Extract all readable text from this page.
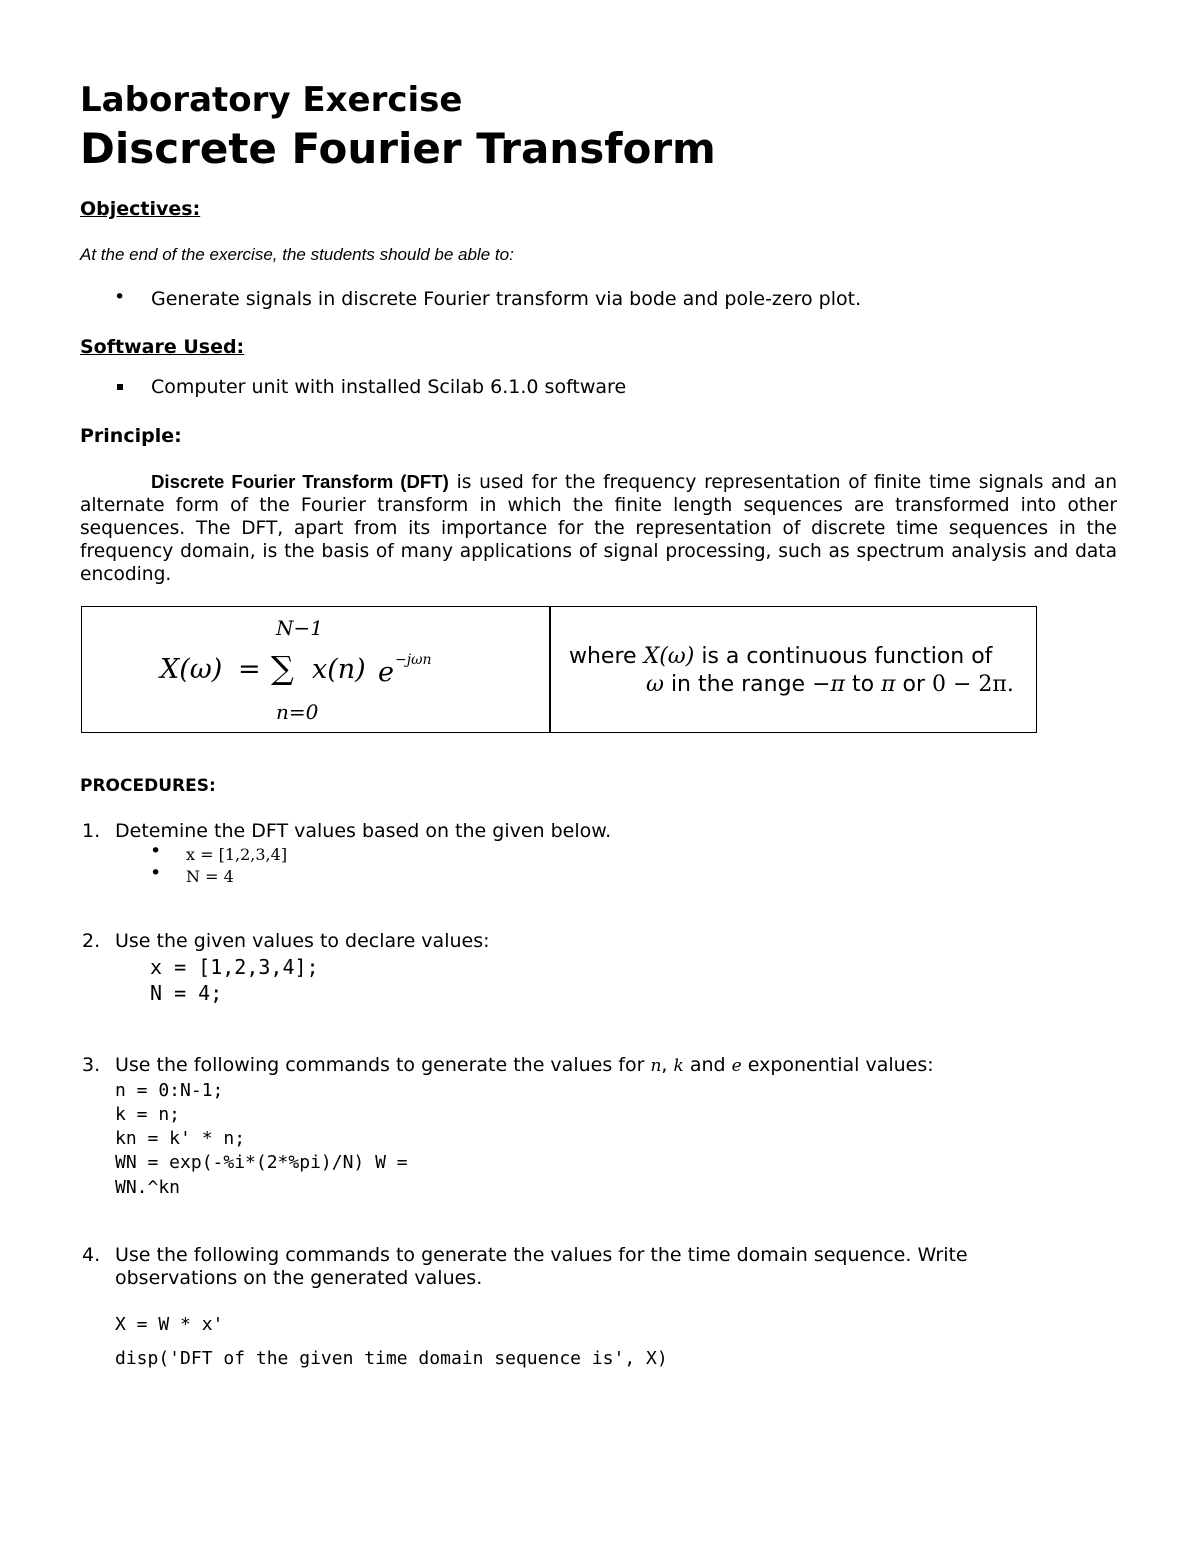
Laboratory Exercise
Discrete Fourier Transform
Objectives:
At the end of the exercise, the students should be able to:
• Generate signals in discrete Fourier transform via bode and pole-zero plot.
Software Used:
Computer unit with installed Scilab 6.1.0 software
Principle:
Discrete Fourier Transform (DFT) is used for the frequency representation of finite time signals and an alternate form of the Fourier transform in which the finite length sequences are transformed into other sequences. The DFT, apart from its importance for the representation of discrete time sequences in the frequency domain, is the basis of many applications of signal processing, such as spectrum analysis and data encoding.
N−1
X(ω) = ∑ x(n) e −jωn
n=0
where X(ω) is a continuous function of
ω in the range −π to π or 0 − 2π.
PROCEDURES:
1. Detemine the DFT values based on the given below.
• x = [1,2,3,4]
• N = 4
2. Use the given values to declare values:
x = [1,2,3,4];
N = 4;
3. Use the following commands to generate the values for n, k and e exponential values:
n = 0:N-1;
k = n;
kn = k' * n;
WN = exp(-%i*(2*%pi)/N) W =
WN.^kn
4. Use the following commands to generate the values for the time domain sequence. Write
observations on the generated values.
X = W * x'
disp('DFT of the given time domain sequence is', X)
